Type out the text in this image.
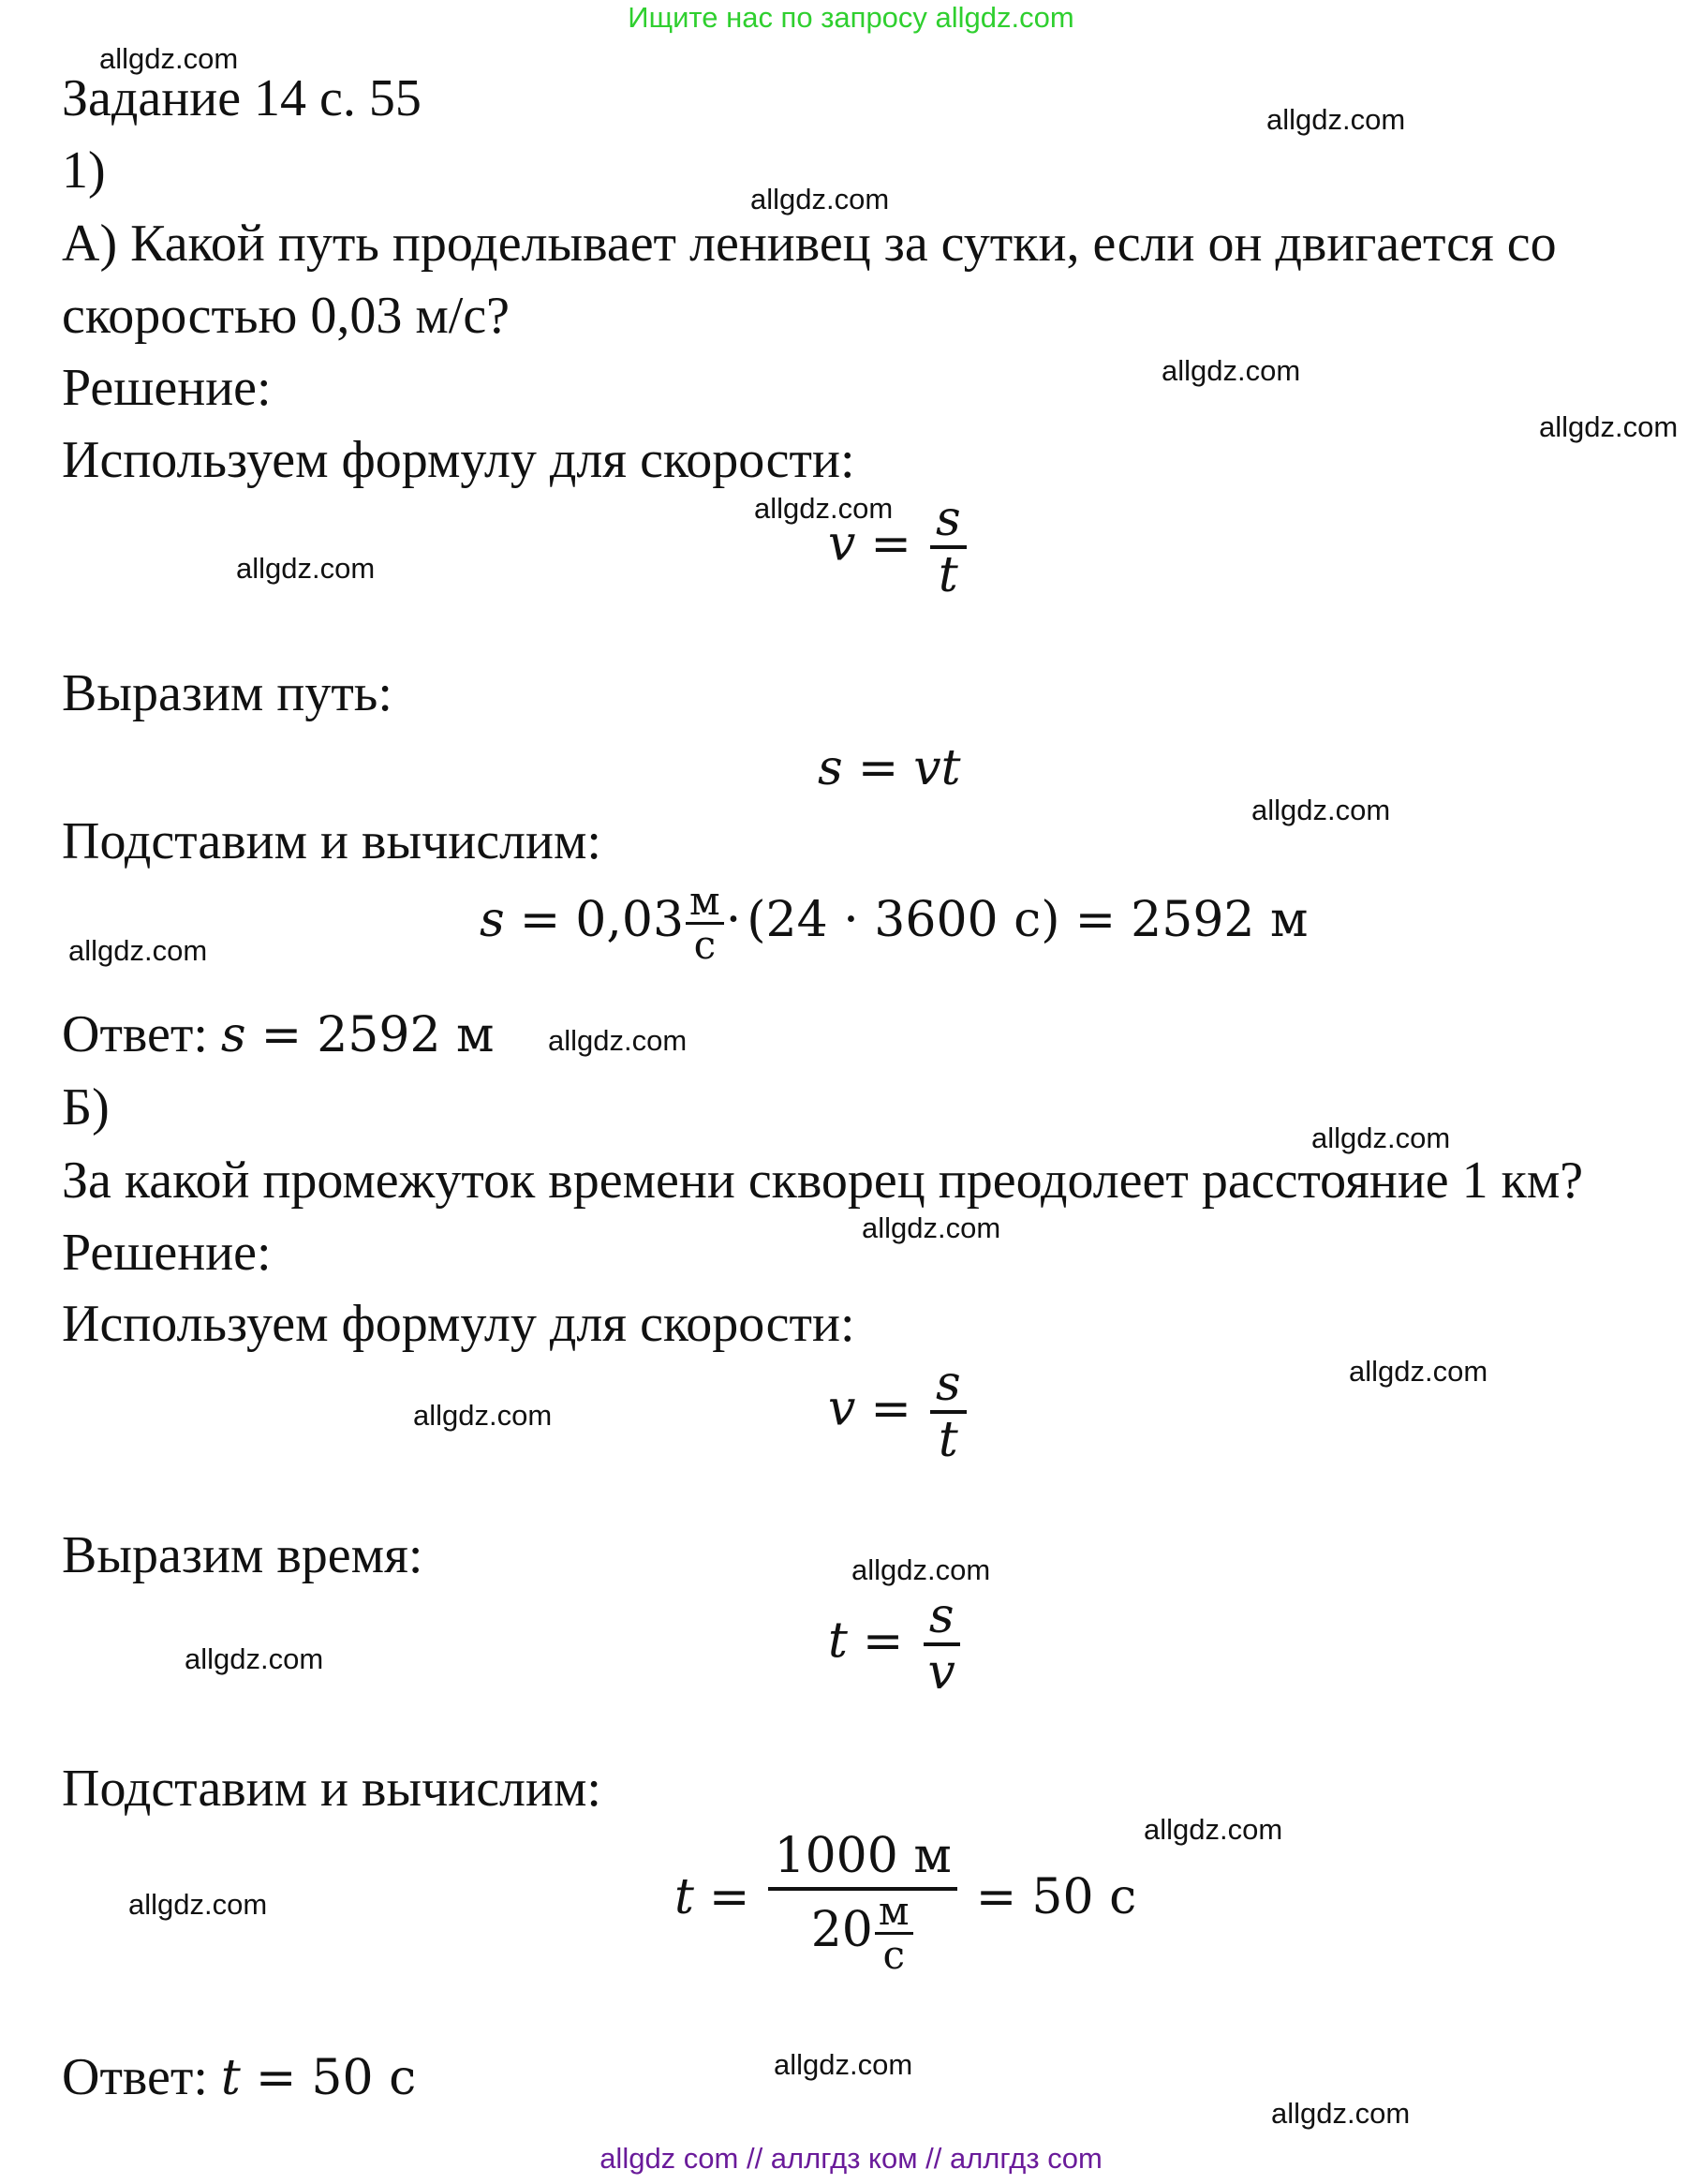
Ищите нас по запросу allgdz.com
allgdz.com
allgdz.com
allgdz.com
allgdz.com
allgdz.com
allgdz.com
allgdz.com
allgdz.com
allgdz.com
allgdz.com
allgdz.com
allgdz.com
allgdz.com
allgdz.com
allgdz.com
allgdz.com
allgdz.com
allgdz.com
allgdz.com
allgdz.com
Задание 14 с. 55
1)
А) Какой путь проделывает ленивец за сутки, если он двигается со
скоростью 0,03 м/с?
Решение:
Используем формулу для скорости:
$v = \frac{s}{t}$
Выразим путь:
s = vt
Подставим и вычислим:
$s = 0,03 \frac{м}{с} \cdot (24 \cdot 3600$ с) = 2592 м
Ответ: s = 2592 м
Б)
За какой промежуток времени скворец преодолеет расстояние 1 км?
Решение:
Используем формулу для скорости:
$v = \frac{s}{t}$
Выразим время:
$t = \frac{s}{v}$
Подставим и вычислим:
$t = \frac{1000 м}{20 \frac{м}{с}} = 50$ с
Ответ: t = 50 с
allgdz com // аллгдз ком // аллгдз com
